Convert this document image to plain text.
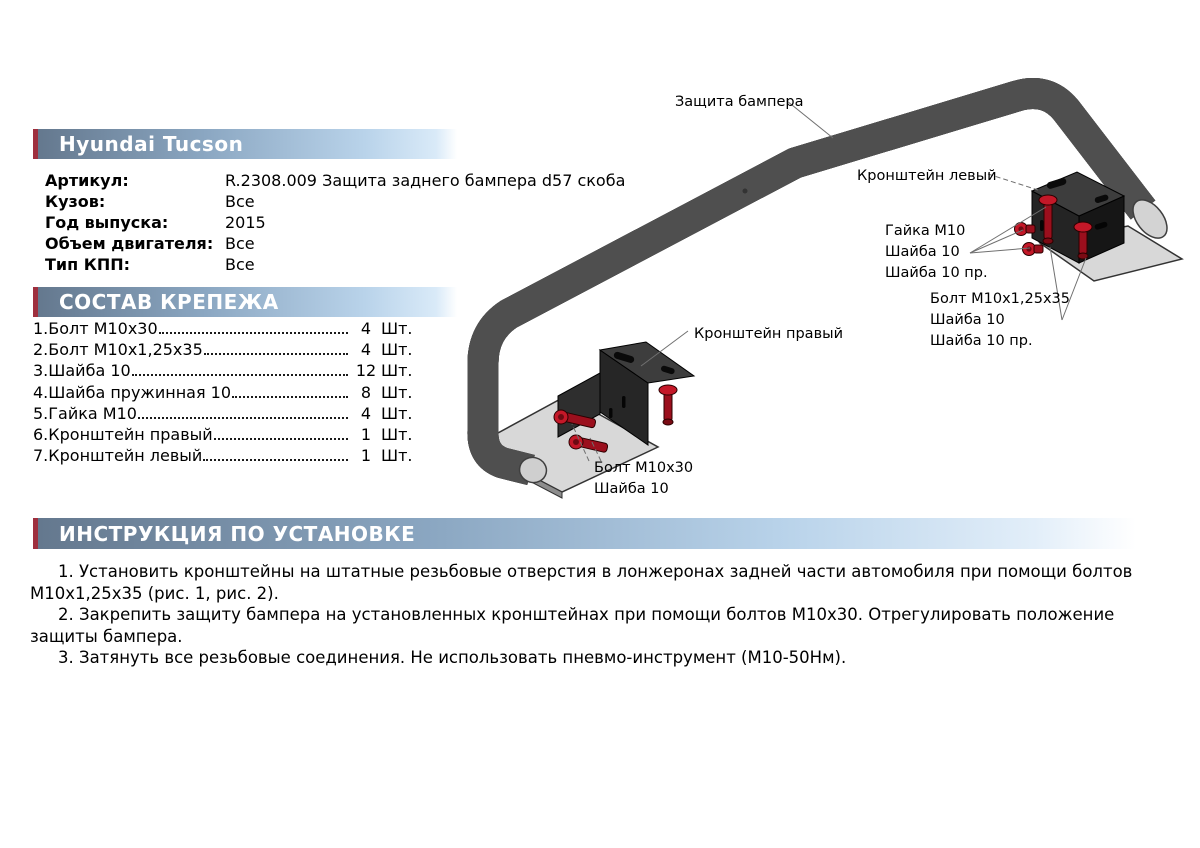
Hyundai Tucson
Артикул:	R.2308.009 Защита заднего бампера d57 скоба
Кузов:	Все
Год выпуска:	2015
Объем двигателя: Все
Тип КПП:	Все
СОСТАВ КРЕПЕЖА
1.Болт М10х30	4 Шт.
2.Болт М10х1,25х35	4 Шт.
3.Шайба 10	12 Шт.
4.Шайба пружинная 10	8 Шт.
5.Гайка М10	4 Шт.
6.Кронштейн правый	1 Шт.
7.Кронштейн левый	1 Шт.
ИНСТРУКЦИЯ ПО УСТАНОВКЕ

1. Установить кронштейны на штатные резьбовые отверстия в лонжеронах задней части автомобиля при помощи болтов М10х1,25х35 (рис. 1, рис. 2).

2. Закрепить защиту бампера на установленных кронштейнах при помощи болтов М10х30. Отрегулировать положение защиты бампера.

3. Затянуть все резьбовые соединения. Не использовать пневмо-инструмент (М10-50Нм).

Защита бампера
Кронштейн левый
Гайка М10
Шайба 10
Шайба 10 пр.
Болт М10х1,25х35
Шайба 10
Шайба 10 пр.
Кронштейн правый
Болт М10х30
Шайба 10
